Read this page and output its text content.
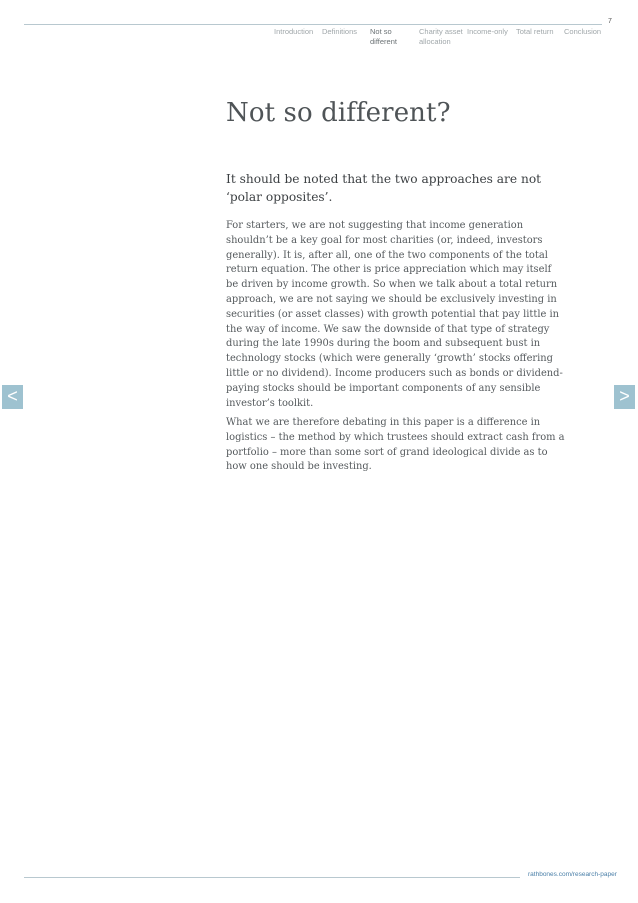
7
Introduction Definitions Not so
different
Charity asset
allocation
Income-only Total return Conclusion
Not so different?
It should be noted that the two approaches are not ‘polar opposites’.
For starters, we are not suggesting that income generation shouldn’t be a key goal for most charities (or, indeed, investors generally). It is, after all, one of the two components of the total return equation. The other is price appreciation which may itself be driven by income growth. So when we talk about a total return approach, we are not saying we should be exclusively investing in securities (or asset classes) with growth potential that pay little in the way of income. We saw the downside of that type of strategy during the late 1990s during the boom and subsequent bust in technology stocks (which were generally ‘growth’ stocks offering little or no dividend). Income producers such as bonds or dividend-paying stocks should be important components of any sensible investor’s toolkit.
What we are therefore debating in this paper is a difference in logistics – the method by which trustees should extract cash from a portfolio – more than some sort of grand ideological divide as to how one should be investing.
<	>
rathbones.com/research-paper
